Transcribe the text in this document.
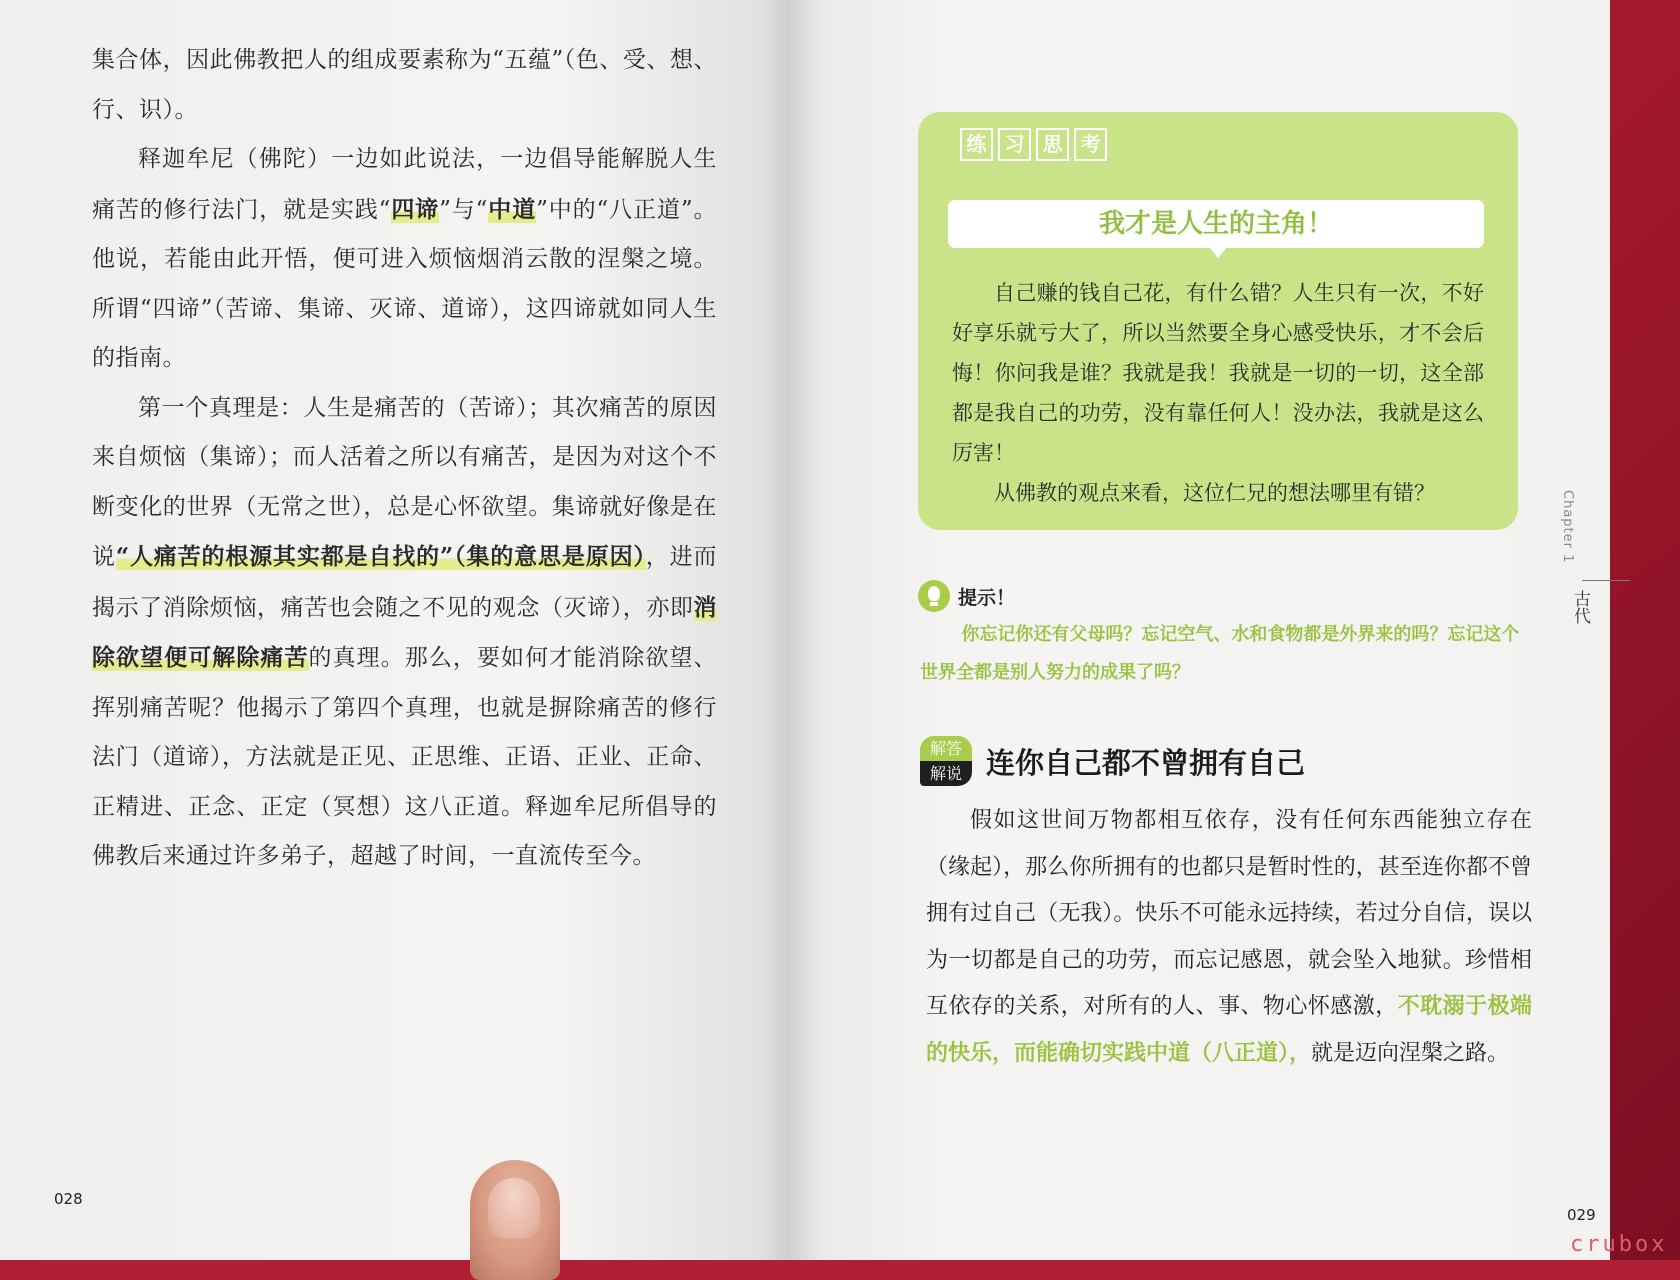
集合体，因此佛教把人的组成要素称为“五蕴”（色、受、想、行、识）。

释迦牟尼（佛陀）一边如此说法，一边倡导能解脱人生痛苦的修行法门，就是实践“四谛”与“中道”中的“八正道”。他说，若能由此开悟，便可进入烦恼烟消云散的涅槃之境。所谓“四谛”（苦谛、集谛、灭谛、道谛），这四谛就如同人生的指南。

第一个真理是：人生是痛苦的（苦谛）；其次痛苦的原因来自烦恼（集谛）；而人活着之所以有痛苦，是因为对这个不断变化的世界（无常之世），总是心怀欲望。集谛就好像是在说“人痛苦的根源其实都是自找的”（集的意思是原因），进而揭示了消除烦恼，痛苦也会随之不见的观念（灭谛），亦即消除欲望便可解除痛苦的真理。那么，要如何才能消除欲望、挥别痛苦呢？他揭示了第四个真理，也就是摒除痛苦的修行法门（道谛），方法就是正见、正思维、正语、正业、正命、正精进、正念、正定（冥想）这八正道。释迦牟尼所倡导的佛教后来通过许多弟子，超越了时间，一直流传至今。

028
练 习 思 考
我才是人生的主角！

自己赚的钱自己花，有什么错？人生只有一次，不好好享乐就亏大了，所以当然要全身心感受快乐，才不会后悔！你问我是谁？我就是我！我就是一切的一切，这全部都是我自己的功劳，没有靠任何人！没办法，我就是这么厉害！

从佛教的观点来看，这位仁兄的想法哪里有错？	Chapter 1
古代
提示！

你忘记你还有父母吗？忘记空气、水和食物都是外界来的吗？忘记这个世界全都是别人努力的成果了吗？

解答
解说 连你自己都不曾拥有自己

假如这世间万物都相互依存，没有任何东西能独立存在（缘起），那么你所拥有的也都只是暂时性的，甚至连你都不曾拥有过自己（无我）。快乐不可能永远持续，若过分自信，误以为一切都是自己的功劳，而忘记感恩，就会坠入地狱。珍惜相互依存的关系，对所有的人、事、物心怀感激，不耽溺于极端的快乐，而能确切实践中道（八正道），就是迈向涅槃之路。

029
crubox
